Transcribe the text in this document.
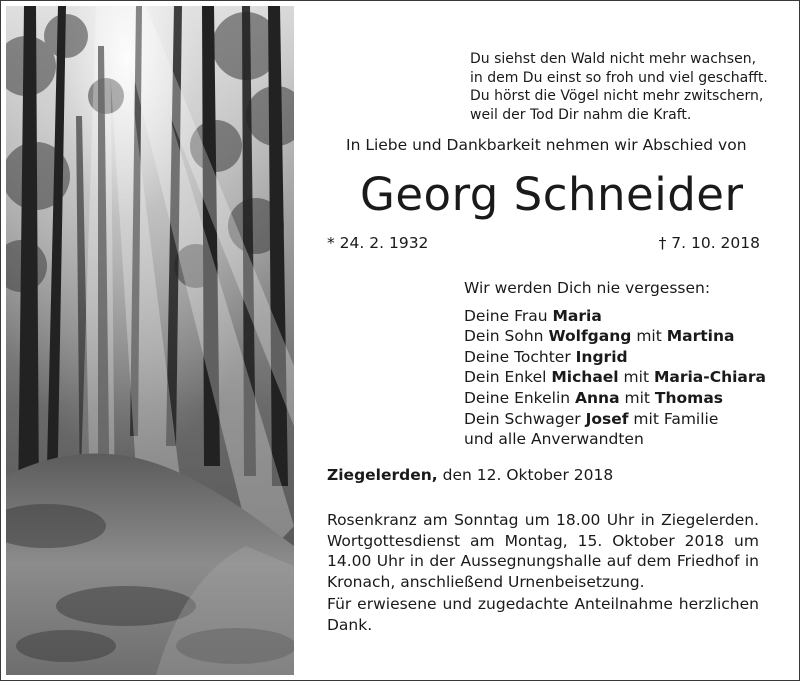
Du siehst den Wald nicht mehr wachsen,
in dem Du einst so froh und viel geschafft.
Du hörst die Vögel nicht mehr zwitschern,
weil der Tod Dir nahm die Kraft.
In Liebe und Dankbarkeit nehmen wir Abschied von
Georg Schneider
* 24. 2. 1932	† 7. 10. 2018
Wir werden Dich nie vergessen:
Deine Frau Maria
Dein Sohn Wolfgang mit Martina
Deine Tochter Ingrid
Dein Enkel Michael mit Maria-Chiara
Deine Enkelin Anna mit Thomas
Dein Schwager Josef mit Familie
und alle Anverwandten
Ziegelerden, den 12. Oktober 2018
Rosenkranz am Sonntag um 18.00 Uhr in Ziegelerden. Wortgottesdienst am Montag, 15. Oktober 2018 um 14.00 Uhr in der Aussegnungshalle auf dem Friedhof in Kronach, anschließend Urnenbeisetzung.
Für erwiesene und zugedachte Anteilnahme herzlichen Dank.
